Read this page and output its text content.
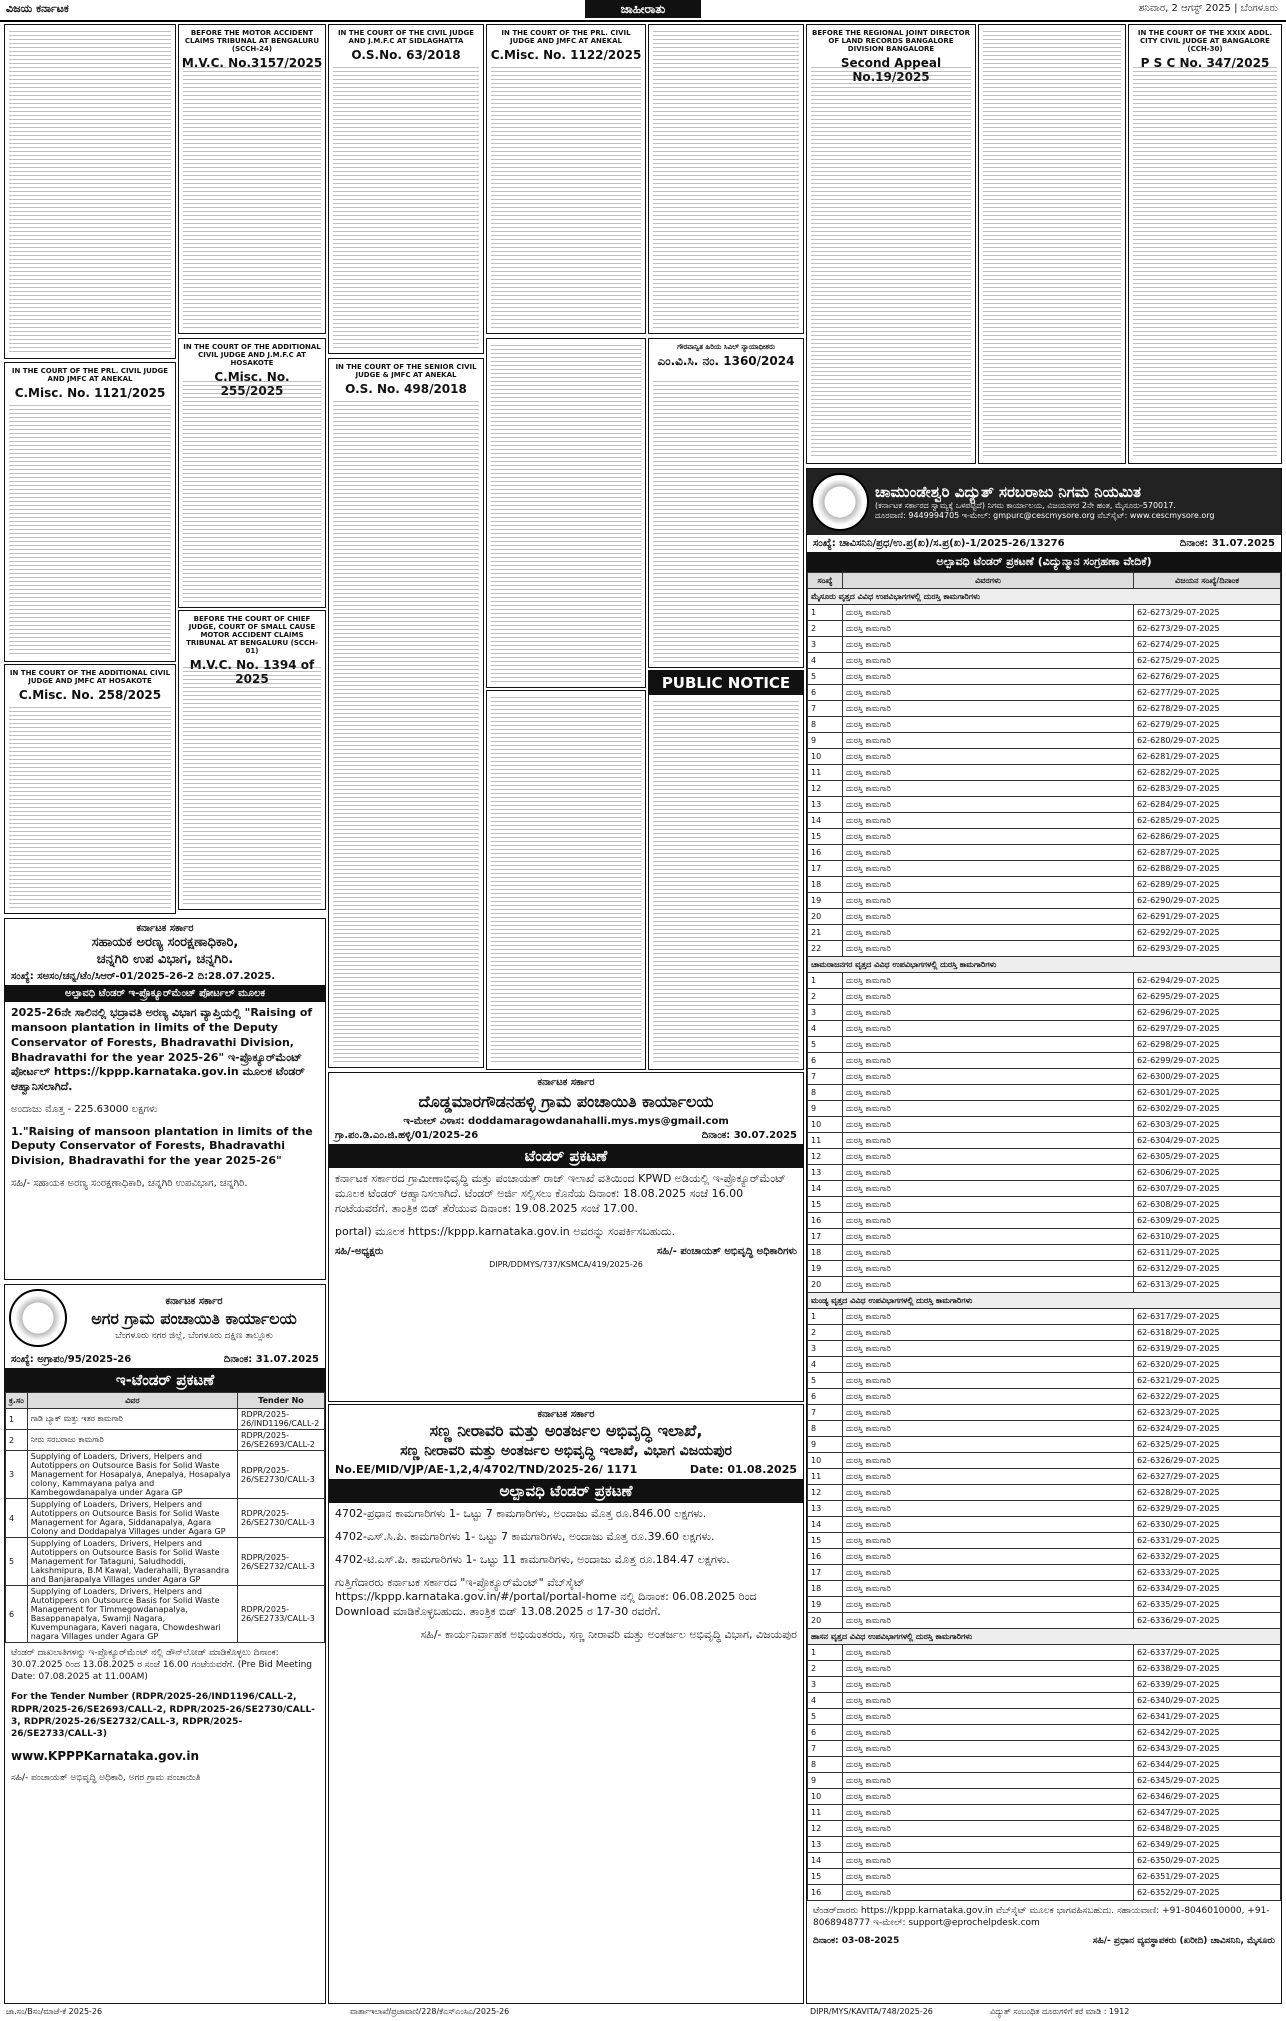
ವಿಜಯ ಕರ್ನಾಟಕ	ಜಾಹೀರಾತು	ಶನಿವಾರ, 2 ಆಗಸ್ಟ್ 2025 | ಬೆಂಗಳೂರು
BEFORE THE MOTOR ACCIDENT CLAIMS TRIBUNAL AT BENGALURU (SCCH-24)
M.V.C. No.3157/2025
IN THE COURT OF THE CIVIL JUDGE AND J.M.F.C AT SIDLAGHATTA
O.S.No. 63/2018
IN THE COURT OF THE PRL. CIVIL JUDGE AND JMFC AT ANEKAL
C.Misc. No. 1122/2025
BEFORE THE REGIONAL JOINT DIRECTOR OF LAND RECORDS BANGALORE DIVISION BANGALORE
Second Appeal No.19/2025
IN THE COURT OF THE XXIX ADDL. CITY CIVIL JUDGE AT BANGALORE (CCH-30)
P S C No. 347/2025
IN THE COURT OF THE ADDITIONAL CIVIL JUDGE AND J.M.F.C AT HOSAKOTE
C.Misc. No. 255/2025
IN THE COURT OF THE PRL. CIVIL JUDGE AND JMFC AT ANEKAL
C.Misc. No. 1121/2025
IN THE COURT OF THE SENIOR CIVIL JUDGE & JMFC AT ANEKAL
O.S. No. 498/2018
ಗೌರವಾನ್ವಿತ ಹಿರಿಯ ಸಿವಿಲ್ ನ್ಯಾಯಾಧೀಶರು
ಎಂ.ವಿ.ಸಿ. ನಂ. 1360/2024
BEFORE THE COURT OF CHIEF JUDGE, COURT OF SMALL CAUSE MOTOR ACCIDENT CLAIMS TRIBUNAL AT BENGALURU (SCCH-01)
M.V.C. No. 1394 of 2025
IN THE COURT OF THE ADDITIONAL CIVIL JUDGE AND JMFC AT HOSAKOTE
C.Misc. No. 258/2025
PUBLIC NOTICE
ಕರ್ನಾಟಕ ಸರ್ಕಾರ
ಸಹಾಯಕ ಅರಣ್ಯ ಸಂರಕ್ಷಣಾಧಿಕಾರಿ,
ಚನ್ನಗಿರಿ ಉಪ ವಿಭಾಗ, ಚನ್ನಗಿರಿ.
ಸಂಖ್ಯೆ: ಸಅಸಂ/ಚನ್ನ/ಟೆಂ/ಸಿಆರ್-01/2025-26-2 ದಿ:28.07.2025.
ಅಲ್ಪಾವಧಿ ಟೆಂಡರ್ ಇ-ಪ್ರೊಕ್ಯೂರ್‌ಮೆಂಟ್ ಪೋರ್ಟಲ್ ಮೂಲಕ
2025-26ನೇ ಸಾಲಿನಲ್ಲಿ ಭದ್ರಾವತಿ ಅರಣ್ಯ ವಿಭಾಗ ವ್ಯಾಪ್ತಿಯಲ್ಲಿ "Raising of mansoon plantation in limits of the Deputy Conservator of Forests, Bhadravathi Division, Bhadravathi for the year 2025-26" ಇ-ಪ್ರೊಕ್ಯೂರ್‌ಮೆಂಟ್ ಪೋರ್ಟಲ್ https://kppp.karnataka.gov.in ಮೂಲಕ ಟೆಂಡರ್ ಆಹ್ವಾನಿಸಲಾಗಿದೆ.
ಅಂದಾಜು ಮೊತ್ತ - 225.63000 ಲಕ್ಷಗಳು
1."Raising of mansoon plantation in limits of the Deputy Conservator of Forests, Bhadravathi Division, Bhadravathi for the year 2025-26"
ಸಹಿ/- ಸಹಾಯಕ ಅರಣ್ಯ ಸಂರಕ್ಷಣಾಧಿಕಾರಿ, ಚನ್ನಗಿರಿ ಉಪವಿಭಾಗ, ಚನ್ನಗಿರಿ.
ಕರ್ನಾಟಕ ಸರ್ಕಾರ
ಅಗರ ಗ್ರಾಮ ಪಂಚಾಯಿತಿ ಕಾರ್ಯಾಲಯ
ಬೆಂಗಳೂರು ನಗರ ಜಿಲ್ಲೆ, ಬೆಂಗಳೂರು ದಕ್ಷಿಣ ತಾಲ್ಲೂಕು
ಸಂಖ್ಯೆ: ಅಗ್ರಾಪಂ/95/2025-26	ದಿನಾಂಕ: 31.07.2025
ಇ-ಟೆಂಡರ್ ಪ್ರಕಟಣೆ
ಕ್ರ.ಸಂ	ವಿವರ	Tender No
1	ಗಾಡಿ ಬ್ಯಾಕ್ ಮತ್ತು ಇತರ ಕಾಮಗಾರಿ	RDPR/2025-26/IND1196/CALL-2
2	ನೀರು ಸರಬರಾಜು ಕಾಮಗಾರಿ	RDPR/2025-26/SE2693/CALL-2
3	Supplying of Loaders, Drivers, Helpers and Autotippers on Outsource Basis for Solid Waste Management for Hosapalya, Anepalya, Hosapalya colony, Kammayana palya and Kambegowdanapalya under Agara GP	RDPR/2025-26/SE2730/CALL-3
4	Supplying of Loaders, Drivers, Helpers and Autotippers on Outsource Basis for Solid Waste Management for Agara, Siddanapalya, Agara Colony and Doddapalya Villages under Agara GP	RDPR/2025-26/SE2730/CALL-3
5	Supplying of Loaders, Drivers, Helpers and Autotippers on Outsource Basis for Solid Waste Management for Tataguni, Saludhoddi, Lakshmipura, B.M Kawal, Vaderahalli, Byrasandra and Banjarapalya Villages under Agara GP	RDPR/2025-26/SE2732/CALL-3
6	Supplying of Loaders, Drivers, Helpers and Autotippers on Outsource Basis for Solid Waste Management for Timmegowdanapalya, Basappanapalya, Swamji Nagara, Kuvempunagara, Kaveri nagara, Chowdeshwari nagara Villages under Agara GP	RDPR/2025-26/SE2733/CALL-3
ಟೆಂಡರ್ ದಾಖಲಾತಿಗಳನ್ನು ಇ-ಪ್ರೊಕ್ಯೂರ್‌ಮೆಂಟ್ ನಲ್ಲಿ ಡೌನ್‌ಲೋಡ್ ಮಾಡಿಕೊಳ್ಳಲು ದಿನಾಂಕ: 30.07.2025 ರಿಂದ 13.08.2025 ರ ಸಂಜೆ 16.00 ಗಂಟೆಯವರೆಗೆ. (Pre Bid Meeting Date: 07.08.2025 at 11.00AM)
For the Tender Number (RDPR/2025-26/IND1196/CALL-2, RDPR/2025-26/SE2693/CALL-2, RDPR/2025-26/SE2730/CALL-3, RDPR/2025-26/SE2732/CALL-3, RDPR/2025-26/SE2733/CALL-3)
www.KPPPKarnataka.gov.in
ಸಹಿ/- ಪಂಚಾಯತ್ ಅಭಿವೃದ್ಧಿ ಅಧಿಕಾರಿ, ಅಗರ ಗ್ರಾಮ ಪಂಚಾಯಿತಿ
ಕರ್ನಾಟಕ ಸರ್ಕಾರ
ದೊಡ್ಡಮಾರಗೌಡನಹಳ್ಳಿ ಗ್ರಾಮ ಪಂಚಾಯಿತಿ ಕಾರ್ಯಾಲಯ
ಇ-ಮೇಲ್ ವಿಳಾಸ: doddamaragowdanahalli.mys.mys@gmail.com
ಗ್ರಾ.ಪಂ.ಡಿ.ಎಂ.ಜಿ.ಹಳ್ಳಿ/01/2025-26	ದಿನಾಂಕ: 30.07.2025
ಟೆಂಡರ್ ಪ್ರಕಟಣೆ
ಕರ್ನಾಟಕ ಸರ್ಕಾರದ ಗ್ರಾಮೀಣಾಭಿವೃದ್ಧಿ ಮತ್ತು ಪಂಚಾಯತ್ ರಾಜ್ ಇಲಾಖೆ ವತಿಯಿಂದ KPWD ಅಡಿಯಲ್ಲಿ ಇ-ಪ್ರೊಕ್ಯೂರ್‌ಮೆಂಟ್ ಮೂಲಕ ಟೆಂಡರ್ ಆಹ್ವಾನಿಸಲಾಗಿದೆ. ಟೆಂಡರ್ ಅರ್ಜಿ ಸಲ್ಲಿಸಲು ಕೊನೆಯ ದಿನಾಂಕ: 18.08.2025 ಸಂಜೆ 16.00 ಗಂಟೆಯವರೆಗೆ. ತಾಂತ್ರಿಕ ಬಿಡ್ ತೆರೆಯುವ ದಿನಾಂಕ: 19.08.2025 ಸಂಜೆ 17.00.
portal) ಮೂಲಕ https://kppp.karnataka.gov.in ಅವರನ್ನು ಸಂಪರ್ಕಿಸಬಹುದು.
ಸಹಿ/-ಅಧ್ಯಕ್ಷರು	ಸಹಿ/- ಪಂಚಾಯತ್ ಅಭಿವೃದ್ಧಿ ಅಧಿಕಾರಿಗಳು
DIPR/DDMYS/737/KSMCA/419/2025-26
ಕರ್ನಾಟಕ ಸರ್ಕಾರ
ಸಣ್ಣ ನೀರಾವರಿ ಮತ್ತು ಅಂತರ್ಜಲ ಅಭಿವೃದ್ಧಿ ಇಲಾಖೆ,
ಸಣ್ಣ ನೀರಾವರಿ ಮತ್ತು ಅಂತರ್ಜಲ ಅಭಿವೃದ್ಧಿ ಇಲಾಖೆ, ವಿಭಾಗ ವಿಜಯಪುರ
No.EE/MID/VJP/AE-1,2,4/4702/TND/2025-26/ 1171	Date: 01.08.2025
ಅಲ್ಪಾವಧಿ ಟೆಂಡರ್ ಪ್ರಕಟಣೆ
4702-ಪ್ರಧಾನ ಕಾಮಗಾರಿಗಳು 1- ಒಟ್ಟು 7 ಕಾಮಗಾರಿಗಳು, ಅಂದಾಜು ಮೊತ್ತ ರೂ.846.00 ಲಕ್ಷಗಳು.
4702-ಎಸ್.ಸಿ.ಪಿ. ಕಾಮಗಾರಿಗಳು 1- ಒಟ್ಟು 7 ಕಾಮಗಾರಿಗಳು, ಅಂದಾಜು ಮೊತ್ತ ರೂ.39.60 ಲಕ್ಷಗಳು.
4702-ಟಿ.ಎಸ್.ಪಿ. ಕಾಮಗಾರಿಗಳು 1- ಒಟ್ಟು 11 ಕಾಮಗಾರಿಗಳು, ಅಂದಾಜು ಮೊತ್ತ ರೂ.184.47 ಲಕ್ಷಗಳು.
ಗುತ್ತಿಗೆದಾರರು ಕರ್ನಾಟಕ ಸರ್ಕಾರದ "ಇ-ಪ್ರೊಕ್ಯೂರ್‌ಮೆಂಟ್" ವೆಬ್‌ಸೈಟ್ https://kppp.karnataka.gov.in/#/portal/portal-home ನಲ್ಲಿ ದಿನಾಂಕ: 06.08.2025 ರಿಂದ Download ಮಾಡಿಕೊಳ್ಳಬಹುದು. ತಾಂತ್ರಿಕ ಬಿಡ್ 13.08.2025 ರ 17-30 ರವರೆಗೆ.
ಸಹಿ/- ಕಾರ್ಯನಿರ್ವಾಹಕ ಅಭಿಯಂತರರು, ಸಣ್ಣ ನೀರಾವರಿ ಮತ್ತು ಅಂತರ್ಜಲ ಅಭಿವೃದ್ಧಿ ವಿಭಾಗ, ವಿಜಯಪುರ
ಚಾಮುಂಡೇಶ್ವರಿ ವಿದ್ಯುತ್ ಸರಬರಾಜು ನಿಗಮ ನಿಯಮಿತ
(ಕರ್ನಾಟಕ ಸರ್ಕಾರದ ಸ್ವಾಮ್ಯಕ್ಕೆ ಒಳಪಟ್ಟಿದೆ) ನಿಗಮ ಕಾರ್ಯಾಲಯ, ವಿಜಯನಗರ 2ನೇ ಹಂತ, ಮೈಸೂರು-570017.
ದೂರವಾಣಿ: 9449994705 ಇ-ಮೇಲ್: gmpurc@cescmysore.org ವೆಬ್‌ಸೈಟ್: www.cescmysore.org
ಸಂಖ್ಯೆ: ಚಾವಿಸನಿನಿ/ಪ್ರಧ/ಉ.ಪ್ರ(ಖ)/ಸ.ಪ್ರ(ಖ)-1/2025-26/13276	ದಿನಾಂಕ: 31.07.2025
ಅಲ್ಪಾವಧಿ ಟೆಂಡರ್ ಪ್ರಕಟಣೆ (ವಿದ್ಯುನ್ಮಾನ ಸಂಗ್ರಹಣಾ ವೇದಿಕೆ)
ಸಂಖ್ಯೆ	ವಿವರಗಳು	ವಿಜಯನ ಸಂಖ್ಯೆ/ದಿನಾಂಕ
ಮೈಸೂರು ವೃತ್ತದ ವಿವಿಧ ಉಪವಿಭಾಗಗಳಲ್ಲಿ ದುರಸ್ತಿ ಕಾಮಗಾರಿಗಳು		
1	ದುರಸ್ತಿ ಕಾಮಗಾರಿ	62-6273/29-07-2025
2	ದುರಸ್ತಿ ಕಾಮಗಾರಿ	62-6273/29-07-2025
3	ದುರಸ್ತಿ ಕಾಮಗಾರಿ	62-6274/29-07-2025
4	ದುರಸ್ತಿ ಕಾಮಗಾರಿ	62-6275/29-07-2025
5	ದುರಸ್ತಿ ಕಾಮಗಾರಿ	62-6276/29-07-2025
6	ದುರಸ್ತಿ ಕಾಮಗಾರಿ	62-6277/29-07-2025
7	ದುರಸ್ತಿ ಕಾಮಗಾರಿ	62-6278/29-07-2025
8	ದುರಸ್ತಿ ಕಾಮಗಾರಿ	62-6279/29-07-2025
9	ದುರಸ್ತಿ ಕಾಮಗಾರಿ	62-6280/29-07-2025
10	ದುರಸ್ತಿ ಕಾಮಗಾರಿ	62-6281/29-07-2025
11	ದುರಸ್ತಿ ಕಾಮಗಾರಿ	62-6282/29-07-2025
12	ದುರಸ್ತಿ ಕಾಮಗಾರಿ	62-6283/29-07-2025
13	ದುರಸ್ತಿ ಕಾಮಗಾರಿ	62-6284/29-07-2025
14	ದುರಸ್ತಿ ಕಾಮಗಾರಿ	62-6285/29-07-2025
15	ದುರಸ್ತಿ ಕಾಮಗಾರಿ	62-6286/29-07-2025
16	ದುರಸ್ತಿ ಕಾಮಗಾರಿ	62-6287/29-07-2025
17	ದುರಸ್ತಿ ಕಾಮಗಾರಿ	62-6288/29-07-2025
18	ದುರಸ್ತಿ ಕಾಮಗಾರಿ	62-6289/29-07-2025
19	ದುರಸ್ತಿ ಕಾಮಗಾರಿ	62-6290/29-07-2025
20	ದುರಸ್ತಿ ಕಾಮಗಾರಿ	62-6291/29-07-2025
21	ದುರಸ್ತಿ ಕಾಮಗಾರಿ	62-6292/29-07-2025
22	ದುರಸ್ತಿ ಕಾಮಗಾರಿ	62-6293/29-07-2025
ಚಾಮರಾಜನಗರ ವೃತ್ತದ ವಿವಿಧ ಉಪವಿಭಾಗಗಳಲ್ಲಿ ದುರಸ್ತಿ ಕಾಮಗಾರಿಗಳು		
1	ದುರಸ್ತಿ ಕಾಮಗಾರಿ	62-6294/29-07-2025
2	ದುರಸ್ತಿ ಕಾಮಗಾರಿ	62-6295/29-07-2025
3	ದುರಸ್ತಿ ಕಾಮಗಾರಿ	62-6296/29-07-2025
4	ದುರಸ್ತಿ ಕಾಮಗಾರಿ	62-6297/29-07-2025
5	ದುರಸ್ತಿ ಕಾಮಗಾರಿ	62-6298/29-07-2025
6	ದುರಸ್ತಿ ಕಾಮಗಾರಿ	62-6299/29-07-2025
7	ದುರಸ್ತಿ ಕಾಮಗಾರಿ	62-6300/29-07-2025
8	ದುರಸ್ತಿ ಕಾಮಗಾರಿ	62-6301/29-07-2025
9	ದುರಸ್ತಿ ಕಾಮಗಾರಿ	62-6302/29-07-2025
10	ದುರಸ್ತಿ ಕಾಮಗಾರಿ	62-6303/29-07-2025
11	ದುರಸ್ತಿ ಕಾಮಗಾರಿ	62-6304/29-07-2025
12	ದುರಸ್ತಿ ಕಾಮಗಾರಿ	62-6305/29-07-2025
13	ದುರಸ್ತಿ ಕಾಮಗಾರಿ	62-6306/29-07-2025
14	ದುರಸ್ತಿ ಕಾಮಗಾರಿ	62-6307/29-07-2025
15	ದುರಸ್ತಿ ಕಾಮಗಾರಿ	62-6308/29-07-2025
16	ದುರಸ್ತಿ ಕಾಮಗಾರಿ	62-6309/29-07-2025
17	ದುರಸ್ತಿ ಕಾಮಗಾರಿ	62-6310/29-07-2025
18	ದುರಸ್ತಿ ಕಾಮಗಾರಿ	62-6311/29-07-2025
19	ದುರಸ್ತಿ ಕಾಮಗಾರಿ	62-6312/29-07-2025
20	ದುರಸ್ತಿ ಕಾಮಗಾರಿ	62-6313/29-07-2025
ಮಂಡ್ಯ ವೃತ್ತದ ವಿವಿಧ ಉಪವಿಭಾಗಗಳಲ್ಲಿ ದುರಸ್ತಿ ಕಾಮಗಾರಿಗಳು		
1	ದುರಸ್ತಿ ಕಾಮಗಾರಿ	62-6317/29-07-2025
2	ದುರಸ್ತಿ ಕಾಮಗಾರಿ	62-6318/29-07-2025
3	ದುರಸ್ತಿ ಕಾಮಗಾರಿ	62-6319/29-07-2025
4	ದುರಸ್ತಿ ಕಾಮಗಾರಿ	62-6320/29-07-2025
5	ದುರಸ್ತಿ ಕಾಮಗಾರಿ	62-6321/29-07-2025
6	ದುರಸ್ತಿ ಕಾಮಗಾರಿ	62-6322/29-07-2025
7	ದುರಸ್ತಿ ಕಾಮಗಾರಿ	62-6323/29-07-2025
8	ದುರಸ್ತಿ ಕಾಮಗಾರಿ	62-6324/29-07-2025
9	ದುರಸ್ತಿ ಕಾಮಗಾರಿ	62-6325/29-07-2025
10	ದುರಸ್ತಿ ಕಾಮಗಾರಿ	62-6326/29-07-2025
11	ದುರಸ್ತಿ ಕಾಮಗಾರಿ	62-6327/29-07-2025
12	ದುರಸ್ತಿ ಕಾಮಗಾರಿ	62-6328/29-07-2025
13	ದುರಸ್ತಿ ಕಾಮಗಾರಿ	62-6329/29-07-2025
14	ದುರಸ್ತಿ ಕಾಮಗಾರಿ	62-6330/29-07-2025
15	ದುರಸ್ತಿ ಕಾಮಗಾರಿ	62-6331/29-07-2025
16	ದುರಸ್ತಿ ಕಾಮಗಾರಿ	62-6332/29-07-2025
17	ದುರಸ್ತಿ ಕಾಮಗಾರಿ	62-6333/29-07-2025
18	ದುರಸ್ತಿ ಕಾಮಗಾರಿ	62-6334/29-07-2025
19	ದುರಸ್ತಿ ಕಾಮಗಾರಿ	62-6335/29-07-2025
20	ದುರಸ್ತಿ ಕಾಮಗಾರಿ	62-6336/29-07-2025
ಹಾಸನ ವೃತ್ತದ ವಿವಿಧ ಉಪವಿಭಾಗಗಳಲ್ಲಿ ದುರಸ್ತಿ ಕಾಮಗಾರಿಗಳು		
1	ದುರಸ್ತಿ ಕಾಮಗಾರಿ	62-6337/29-07-2025
2	ದುರಸ್ತಿ ಕಾಮಗಾರಿ	62-6338/29-07-2025
3	ದುರಸ್ತಿ ಕಾಮಗಾರಿ	62-6339/29-07-2025
4	ದುರಸ್ತಿ ಕಾಮಗಾರಿ	62-6340/29-07-2025
5	ದುರಸ್ತಿ ಕಾಮಗಾರಿ	62-6341/29-07-2025
6	ದುರಸ್ತಿ ಕಾಮಗಾರಿ	62-6342/29-07-2025
7	ದುರಸ್ತಿ ಕಾಮಗಾರಿ	62-6343/29-07-2025
8	ದುರಸ್ತಿ ಕಾಮಗಾರಿ	62-6344/29-07-2025
9	ದುರಸ್ತಿ ಕಾಮಗಾರಿ	62-6345/29-07-2025
10	ದುರಸ್ತಿ ಕಾಮಗಾರಿ	62-6346/29-07-2025
11	ದುರಸ್ತಿ ಕಾಮಗಾರಿ	62-6347/29-07-2025
12	ದುರಸ್ತಿ ಕಾಮಗಾರಿ	62-6348/29-07-2025
13	ದುರಸ್ತಿ ಕಾಮಗಾರಿ	62-6349/29-07-2025
14	ದುರಸ್ತಿ ಕಾಮಗಾರಿ	62-6350/29-07-2025
15	ದುರಸ್ತಿ ಕಾಮಗಾರಿ	62-6351/29-07-2025
16	ದುರಸ್ತಿ ಕಾಮಗಾರಿ	62-6352/29-07-2025
ಟೆಂಡರ್‌ದಾರರು https://kppp.karnataka.gov.in ವೆಬ್‌ಸೈಟ್ ಮೂಲಕ ಭಾಗವಹಿಸಬಹುದು. ಸಹಾಯವಾಣಿ: +91-8046010000, +91-8068948777 ಇ-ಮೇಲ್: support@eprochelpdesk.com
ದಿನಾಂಕ: 03-08-2025	ಸಹಿ/- ಪ್ರಧಾನ ವ್ಯವಸ್ಥಾಪಕರು (ಖರೀದಿ) ಚಾವಿಸನಿನಿ, ಮೈಸೂರು
ಜಾ.ಸಂ/Bಸಂ/ಮಾಜೆ-ಕೆ 2025-26	ವಾರ್ತಾಇಲಾಖೆ/ಪ್ರಜಾವಾಣಿ/228/ಕೆಎಸ್‌ಎಂಸಿಎ/2025-26	DIPR/MYS/KAVITA/748/2025-26	ವಿದ್ಯುತ್ ಸಂಬಂಧಿತ ದೂರುಗಳಿಗೆ ಕರೆ ಮಾಡಿ : 1912
